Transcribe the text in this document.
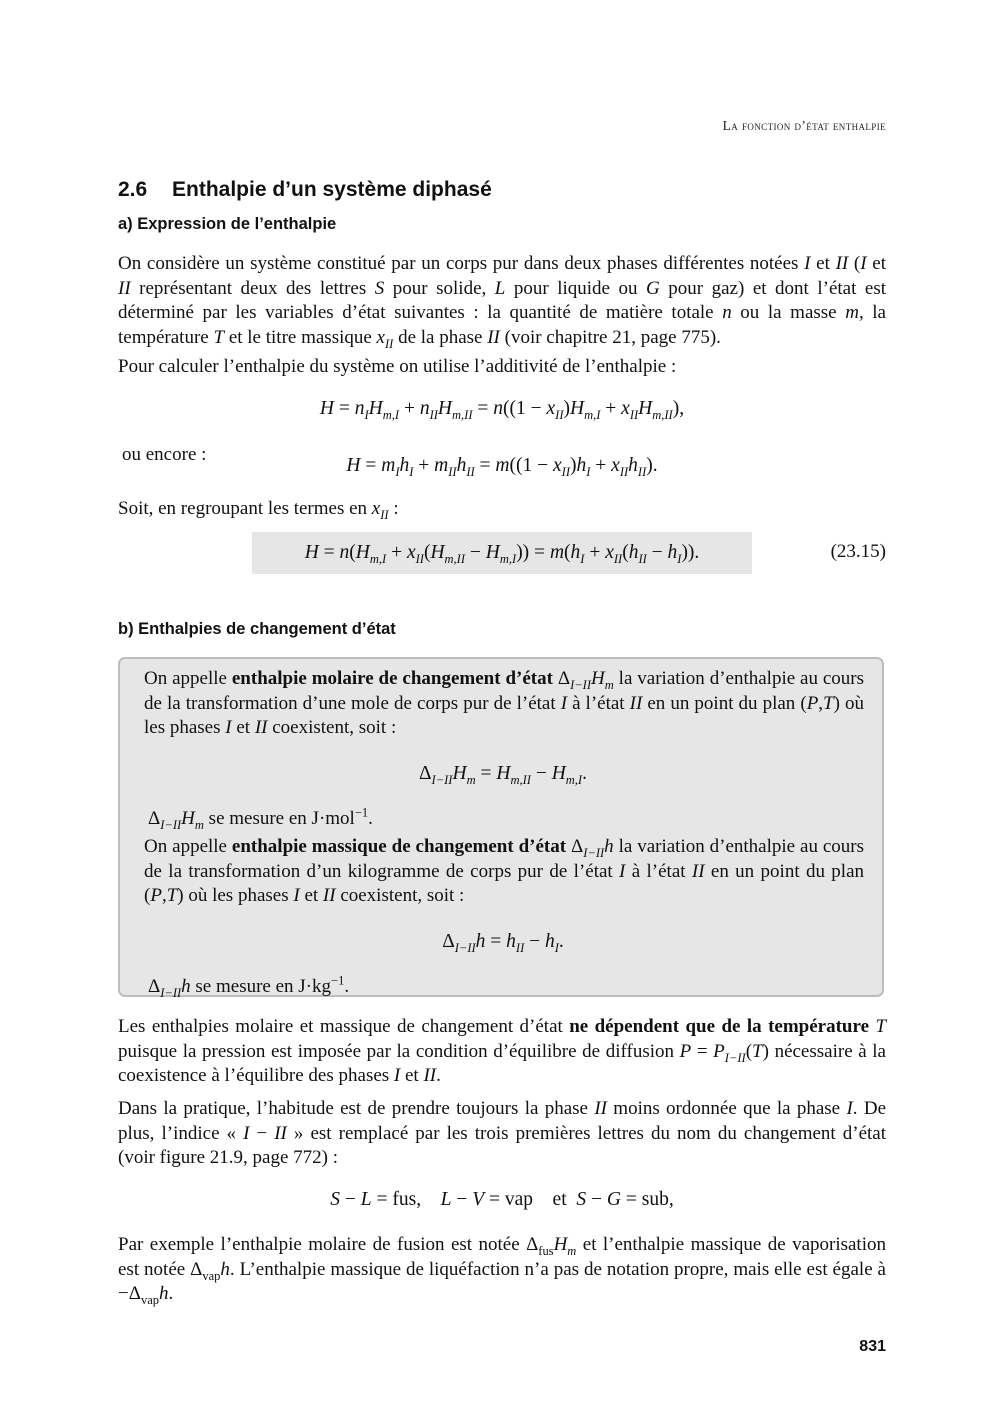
La fonction d’état enthalpie
2.6 Enthalpie d’un système diphasé
a) Expression de l’enthalpie

On considère un système constitué par un corps pur dans deux phases différentes notées I et II (I et II représentant deux des lettres S pour solide, L pour liquide ou G pour gaz) et dont l’état est déterminé par les variables d’état suivantes : la quantité de matière totale n ou la masse m, la température T et le titre massique $x_{II}$ de la phase II (voir chapitre 21, page 775).

Pour calculer l’enthalpie du système on utilise l’additivité de l’enthalpie :

$H = n_IH_{m,I} + n_{II}H_{m,II} = n((1 - x_{II})H_{m,I} + x_{II}H_{m,II})$,
ou encore :
$H = m_Ih_I + m_{II}h_{II} = m((1 - x_{II})h_I + x_{II}h_{II})$.

Soit, en regroupant les termes en $x_{II}$ :

$H = n(H_{m,I} + x_{II}(H_{m,II} - H_{m,I})) = m(h_I + x_{II}(h_{II} - h_I))$.	(23.15)
b) Enthalpies de changement d’état

On appelle enthalpie molaire de changement d’état $\Delta_{I-II}H_m$ la variation d’enthalpie au cours de la transformation d’une mole de corps pur de l’état I à l’état II en un point du plan (P,T) où les phases I et II coexistent, soit :

$\Delta_{I-II}H_m = H_{m,II} - H_{m,I}$.

$\Delta_{I-II}H_m$ se mesure en J·mol$^{-1}$.

On appelle enthalpie massique de changement d’état $\Delta_{I-II}h$ la variation d’enthalpie au cours de la transformation d’un kilogramme de corps pur de l’état I à l’état II en un point du plan (P,T) où les phases I et II coexistent, soit :

$\Delta_{I-II}h = h_{II} - h_I$.

$\Delta_{I-II}h$ se mesure en $J\cdot kg^{-1}$.

Les enthalpies molaire et massique de changement d’état ne dépendent que de la température T puisque la pression est imposée par la condition d’équilibre de diffusion $P = P_{I-II}(T)$ nécessaire à la coexistence à l’équilibre des phases I et II.

Dans la pratique, l’habitude est de prendre toujours la phase II moins ordonnée que la phase I. De plus, l’indice « I − II » est remplacé par les trois premières lettres du nom du changement d’état (voir figure 21.9, page 772) :

S − L = fus,    L − V = vap    et  S − G = sub,

Par exemple l’enthalpie molaire de fusion est notée $\Delta_{fus}H_m$ et l’enthalpie massique de vaporisation est notée $\Delta_{vap}h$. L’enthalpie massique de liquéfaction n’a pas de notation propre, mais elle est égale à $-\Delta_{vap}h$.

831
